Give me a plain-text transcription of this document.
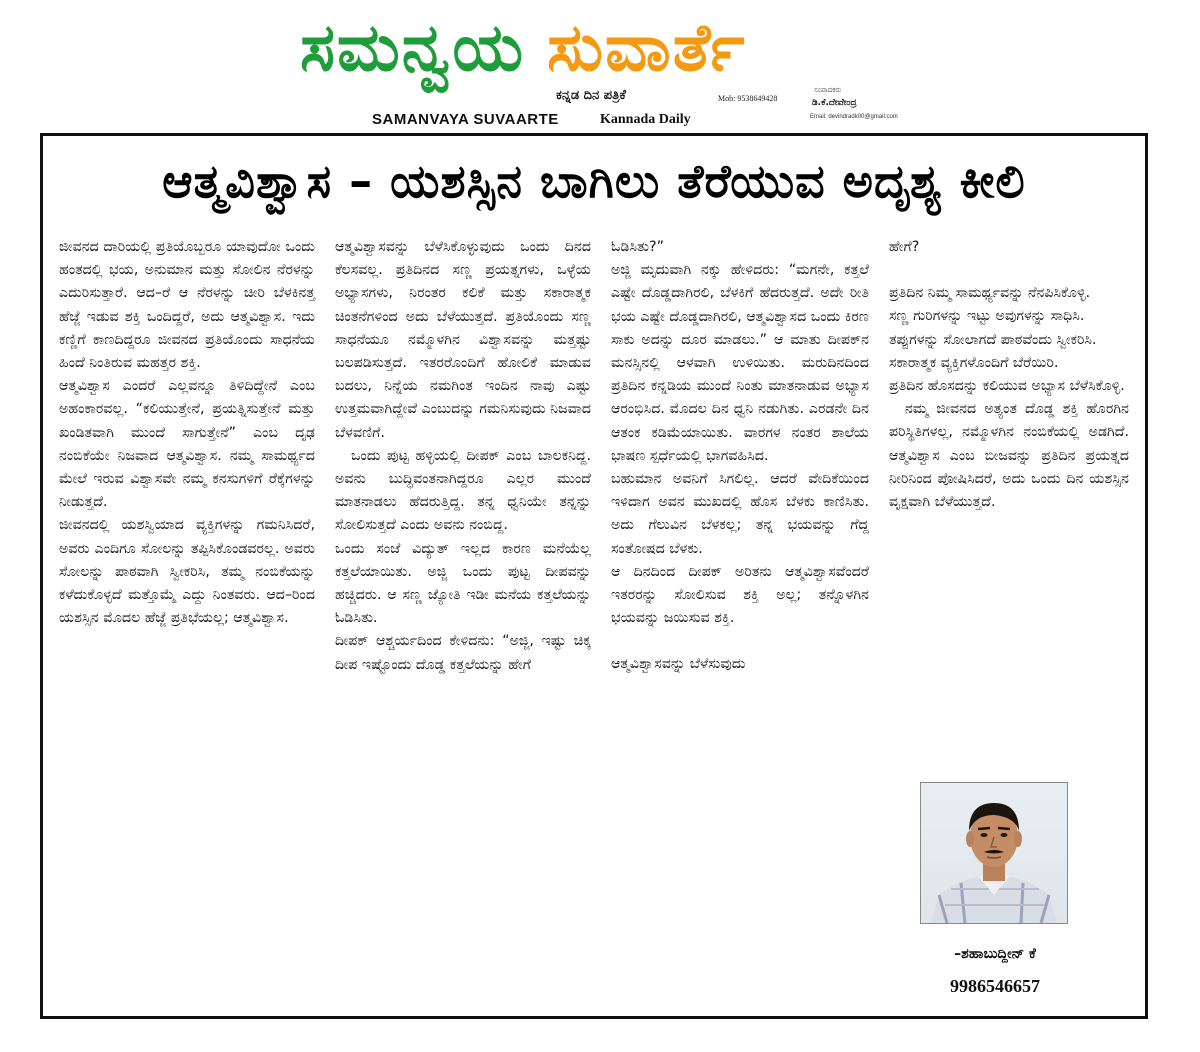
ಸಮನ್ವಯ ಸುವಾರ್ತೆ
ಕನ್ನಡ ದಿನ ಪತ್ರಿಕೆ	Mob: 9538649428
ಸಂಪಾದಕರು
ಡಿ.ಕೆ.ದೇವೇಂದ್ರ
Email: devindradk00@gmail.com
SAMANVAYA SUVAARTE	Kannada Daily
ಆತ್ಮವಿಶ್ವಾಸ – ಯಶಸ್ಸಿನ ಬಾಗಿಲು ತೆರೆಯುವ ಅದೃಶ್ಯ ಕೀಲಿ

ಜೀವನದ ದಾರಿಯಲ್ಲಿ ಪ್ರತಿಯೊಬ್ಬರೂ ಯಾವುದೋ ಒಂದು ಹಂತದಲ್ಲಿ ಭಯ, ಅನುಮಾನ ಮತ್ತು ಸೋಲಿನ ನೆರಳನ್ನು ಎದುರಿಸುತ್ತಾರೆ. ಆದ–ರೆ ಆ ನೆರಳನ್ನು ಚೀರಿ ಬೆಳಕಿನತ್ತ ಹೆಜ್ಜೆ ಇಡುವ ಶಕ್ತಿ ಒಂದಿದ್ದರೆ, ಅದು ಆತ್ಮವಿಶ್ವಾಸ. ಇದು ಕಣ್ಣಿಗೆ ಕಾಣದಿದ್ದರೂ ಜೀವನದ ಪ್ರತಿಯೊಂದು ಸಾಧನೆಯ ಹಿಂದೆ ನಿಂತಿರುವ ಮಹತ್ತರ ಶಕ್ತಿ.

ಆತ್ಮವಿಶ್ವಾಸ ಎಂದರೆ ಎಲ್ಲವನ್ನೂ ತಿಳಿದಿದ್ದೇನೆ ಎಂಬ ಅಹಂಕಾರವಲ್ಲ. “ಕಲಿಯುತ್ತೇನೆ, ಪ್ರಯತ್ನಿಸುತ್ತೇನೆ ಮತ್ತು ಖಂಡಿತವಾಗಿ ಮುಂದೆ ಸಾಗುತ್ತೇನೆ” ಎಂಬ ದೃಢ ನಂಬಿಕೆಯೇ ನಿಜವಾದ ಆತ್ಮವಿಶ್ವಾಸ. ನಮ್ಮ ಸಾಮರ್ಥ್ಯದ ಮೇಲೆ ಇರುವ ವಿಶ್ವಾಸವೇ ನಮ್ಮ ಕನಸುಗಳಿಗೆ ರೆಕ್ಕೆಗಳನ್ನು ನೀಡುತ್ತದೆ.

ಜೀವನದಲ್ಲಿ ಯಶಸ್ವಿಯಾದ ವ್ಯಕ್ತಿಗಳನ್ನು ಗಮನಿಸಿದರೆ, ಅವರು ಎಂದಿಗೂ ಸೋಲನ್ನು ತಪ್ಪಿಸಿಕೊಂಡವರಲ್ಲ. ಅವರು ಸೋಲನ್ನು ಪಾಠವಾಗಿ ಸ್ವೀಕರಿಸಿ, ತಮ್ಮ ನಂಬಿಕೆಯನ್ನು ಕಳೆದುಕೊಳ್ಳದೆ ಮತ್ತೊಮ್ಮೆ ಎದ್ದು ನಿಂತವರು. ಆದ–ರಿಂದ ಯಶಸ್ಸಿನ ಮೊದಲ ಹೆಜ್ಜೆ ಪ್ರತಿಭೆಯಲ್ಲ; ಆತ್ಮವಿಶ್ವಾಸ.

ಆತ್ಮವಿಶ್ವಾಸವನ್ನು ಬೆಳೆಸಿಕೊಳ್ಳುವುದು ಒಂದು ದಿನದ ಕೆಲಸವಲ್ಲ. ಪ್ರತಿದಿನದ ಸಣ್ಣ ಪ್ರಯತ್ನಗಳು, ಒಳ್ಳೆಯ ಅಭ್ಯಾಸಗಳು, ನಿರಂತರ ಕಲಿಕೆ ಮತ್ತು ಸಕಾರಾತ್ಮಕ ಚಿಂತನೆಗಳಿಂದ ಅದು ಬೆಳೆಯುತ್ತದೆ. ಪ್ರತಿಯೊಂದು ಸಣ್ಣ ಸಾಧನೆಯೂ ನಮ್ಮೊಳಗಿನ ವಿಶ್ವಾಸವನ್ನು ಮತ್ತಷ್ಟು ಬಲಪಡಿಸುತ್ತದೆ. ಇತರರೊಂದಿಗೆ ಹೋಲಿಕೆ ಮಾಡುವ ಬದಲು, ನಿನ್ನೆಯ ನಮಗಿಂತ ಇಂದಿನ ನಾವು ಎಷ್ಟು ಉತ್ತಮವಾಗಿದ್ದೇವೆ ಎಂಬುದನ್ನು ಗಮನಿಸುವುದು ನಿಜವಾದ ಬೆಳವಣಿಗೆ.

ಒಂದು ಪುಟ್ಟ ಹಳ್ಳಿಯಲ್ಲಿ ದೀಪಕ್ ಎಂಬ ಬಾಲಕನಿದ್ದ. ಅವನು ಬುದ್ಧಿವಂತನಾಗಿದ್ದರೂ ಎಲ್ಲರ ಮುಂದೆ ಮಾತನಾಡಲು ಹೆದರುತ್ತಿದ್ದ. ತನ್ನ ಧ್ವನಿಯೇ ತನ್ನನ್ನು ಸೋಲಿಸುತ್ತದೆ ಎಂದು ಅವನು ನಂಬಿದ್ದ.

ಒಂದು ಸಂಜೆ ವಿದ್ಯುತ್ ಇಲ್ಲದ ಕಾರಣ ಮನೆಯೆಲ್ಲ ಕತ್ತಲೆಯಾಯಿತು. ಅಜ್ಜಿ ಒಂದು ಪುಟ್ಟ ದೀಪವನ್ನು ಹಚ್ಚಿದರು. ಆ ಸಣ್ಣ ಜ್ಯೋತಿ ಇಡೀ ಮನೆಯ ಕತ್ತಲೆಯನ್ನು ಓಡಿಸಿತು.

ದೀಪಕ್ ಆಶ್ಚರ್ಯದಿಂದ ಕೇಳಿದನು: “ಅಜ್ಜಿ, ಇಷ್ಟು ಚಿಕ್ಕ ದೀಪ ಇಷ್ಟೊಂದು ದೊಡ್ಡ ಕತ್ತಲೆಯನ್ನು ಹೇಗೆ

ಓಡಿಸಿತು?”

ಅಜ್ಜಿ ಮೃದುವಾಗಿ ನಕ್ಕು ಹೇಳಿದರು: “ಮಗನೇ, ಕತ್ತಲೆ ಎಷ್ಟೇ ದೊಡ್ಡದಾಗಿರಲಿ, ಬೆಳಕಿಗೆ ಹೆದರುತ್ತದೆ. ಅದೇ ರೀತಿ ಭಯ ಎಷ್ಟೇ ದೊಡ್ಡದಾಗಿರಲಿ, ಆತ್ಮವಿಶ್ವಾಸದ ಒಂದು ಕಿರಣ ಸಾಕು ಅದನ್ನು ದೂರ ಮಾಡಲು.” ಆ ಮಾತು ದೀಪಕ್‌ನ ಮನಸ್ಸಿನಲ್ಲಿ ಆಳವಾಗಿ ಉಳಿಯಿತು. ಮರುದಿನದಿಂದ ಪ್ರತಿದಿನ ಕನ್ನಡಿಯ ಮುಂದೆ ನಿಂತು ಮಾತನಾಡುವ ಅಭ್ಯಾಸ ಆರಂಭಿಸಿದ. ಮೊದಲ ದಿನ ಧ್ವನಿ ನಡುಗಿತು. ಎರಡನೇ ದಿನ ಆತಂಕ ಕಡಿಮೆಯಾಯಿತು. ವಾರಗಳ ನಂತರ ಶಾಲೆಯ ಭಾಷಣ ಸ್ಪರ್ಧೆಯಲ್ಲಿ ಭಾಗವಹಿಸಿದ.

ಬಹುಮಾನ ಅವನಿಗೆ ಸಿಗಲಿಲ್ಲ. ಆದರೆ ವೇದಿಕೆಯಿಂದ ಇಳಿದಾಗ ಅವನ ಮುಖದಲ್ಲಿ ಹೊಸ ಬೆಳಕು ಕಾಣಿಸಿತು. ಅದು ಗೆಲುವಿನ ಬೆಳಕಲ್ಲ; ತನ್ನ ಭಯವನ್ನು ಗೆದ್ದ ಸಂತೋಷದ ಬೆಳಕು.

ಆ ದಿನದಿಂದ ದೀಪಕ್ ಅರಿತನು ಆತ್ಮವಿಶ್ವಾಸವೆಂದರೆ ಇತರರನ್ನು ಸೋಲಿಸುವ ಶಕ್ತಿ ಅಲ್ಲ; ತನ್ನೊಳಗಿನ ಭಯವನ್ನು ಜಯಿಸುವ ಶಕ್ತಿ.

ಆತ್ಮವಿಶ್ವಾಸವನ್ನು ಬೆಳೆಸುವುದು

ಹೇಗೆ?

ಪ್ರತಿದಿನ ನಿಮ್ಮ ಸಾಮರ್ಥ್ಯವನ್ನು ನೆನಪಿಸಿಕೊಳ್ಳಿ.

ಸಣ್ಣ ಗುರಿಗಳನ್ನು ಇಟ್ಟು ಅವುಗಳನ್ನು ಸಾಧಿಸಿ.

ತಪ್ಪುಗಳನ್ನು ಸೋಲಾಗದೆ ಪಾಠವೆಂದು ಸ್ವೀಕರಿಸಿ.

ಸಕಾರಾತ್ಮಕ ವ್ಯಕ್ತಿಗಳೊಂದಿಗೆ ಬೆರೆಯಿರಿ.

ಪ್ರತಿದಿನ ಹೊಸದನ್ನು ಕಲಿಯುವ ಅಭ್ಯಾಸ ಬೆಳೆಸಿಕೊಳ್ಳಿ.

ನಮ್ಮ ಜೀವನದ ಅತ್ಯಂತ ದೊಡ್ಡ ಶಕ್ತಿ ಹೊರಗಿನ ಪರಿಸ್ಥಿತಿಗಳಲ್ಲ, ನಮ್ಮೊಳಗಿನ ನಂಬಿಕೆಯಲ್ಲಿ ಅಡಗಿದೆ. ಆತ್ಮವಿಶ್ವಾಸ ಎಂಬ ಬೀಜವನ್ನು ಪ್ರತಿದಿನ ಪ್ರಯತ್ನದ ನೀರಿನಿಂದ ಪೋಷಿಸಿದರೆ, ಅದು ಒಂದು ದಿನ ಯಶಸ್ಸಿನ ವೃಕ್ಷವಾಗಿ ಬೆಳೆಯುತ್ತದೆ.

–ಶಹಾಬುದ್ದೀನ್ ಕೆ
9986546657
